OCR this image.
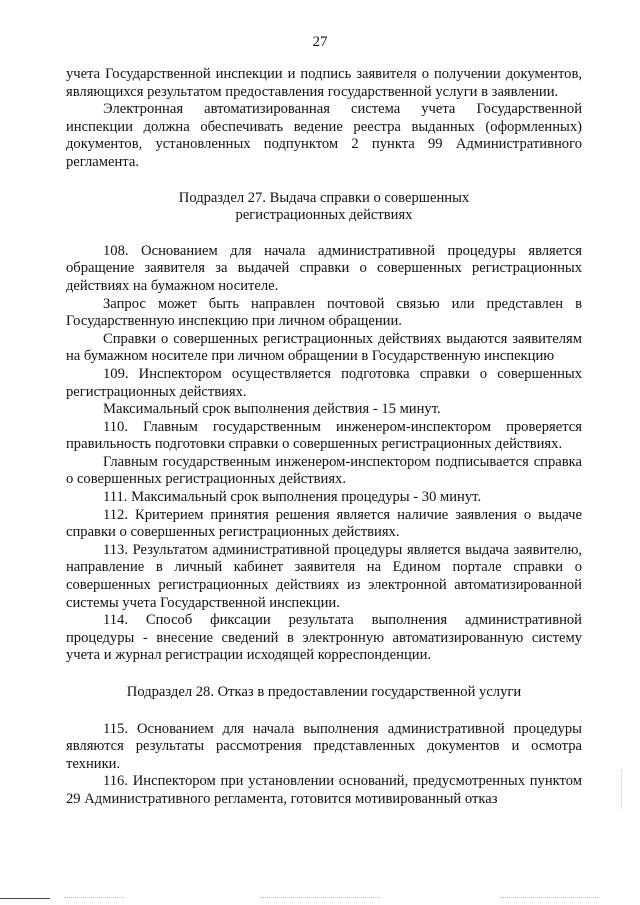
27

учета Государственной инспекции и подпись заявителя о получении документов, являющихся результатом предоставления государственной услуги в заявлении.

Электронная автоматизированная система учета Государственной инспекции должна обеспечивать ведение реестра выданных (оформленных) документов, установленных подпунктом 2 пункта 99 Административного регламента.

Подраздел 27. Выдача справки о совершенных
регистрационных действиях

108. Основанием для начала административной процедуры является обращение заявителя за выдачей справки о совершенных регистрационных действиях на бумажном носителе.

Запрос может быть направлен почтовой связью или представлен в Государственную инспекцию при личном обращении.

Справки о совершенных регистрационных действиях выдаются заявителям на бумажном носителе при личном обращении в Государственную инспекцию

109. Инспектором осуществляется подготовка справки о совершенных регистрационных действиях.

Максимальный срок выполнения действия - 15 минут.

110. Главным государственным инженером-инспектором проверяется правильность подготовки справки о совершенных регистрационных действиях.

Главным государственным инженером-инспектором подписывается справка о совершенных регистрационных действиях.

111. Максимальный срок выполнения процедуры - 30 минут.

112. Критерием принятия решения является наличие заявления о выдаче справки о совершенных регистрационных действиях.

113. Результатом административной процедуры является выдача заявителю, направление в личный кабинет заявителя на Едином портале справки о совершенных регистрационных действиях из электронной автоматизированной системы учета Государственной инспекции.

114. Способ фиксации результата выполнения административной процедуры - внесение сведений в электронную автоматизированную систему учета и журнал регистрации исходящей корреспонденции.

Подраздел 28. Отказ в предоставлении государственной услуги

115. Основанием для начала выполнения административной процедуры являются результаты рассмотрения представленных документов и осмотра техники.

116. Инспектором при установлении оснований, предусмотренных пунктом 29 Административного регламента, готовится мотивированный отказ
